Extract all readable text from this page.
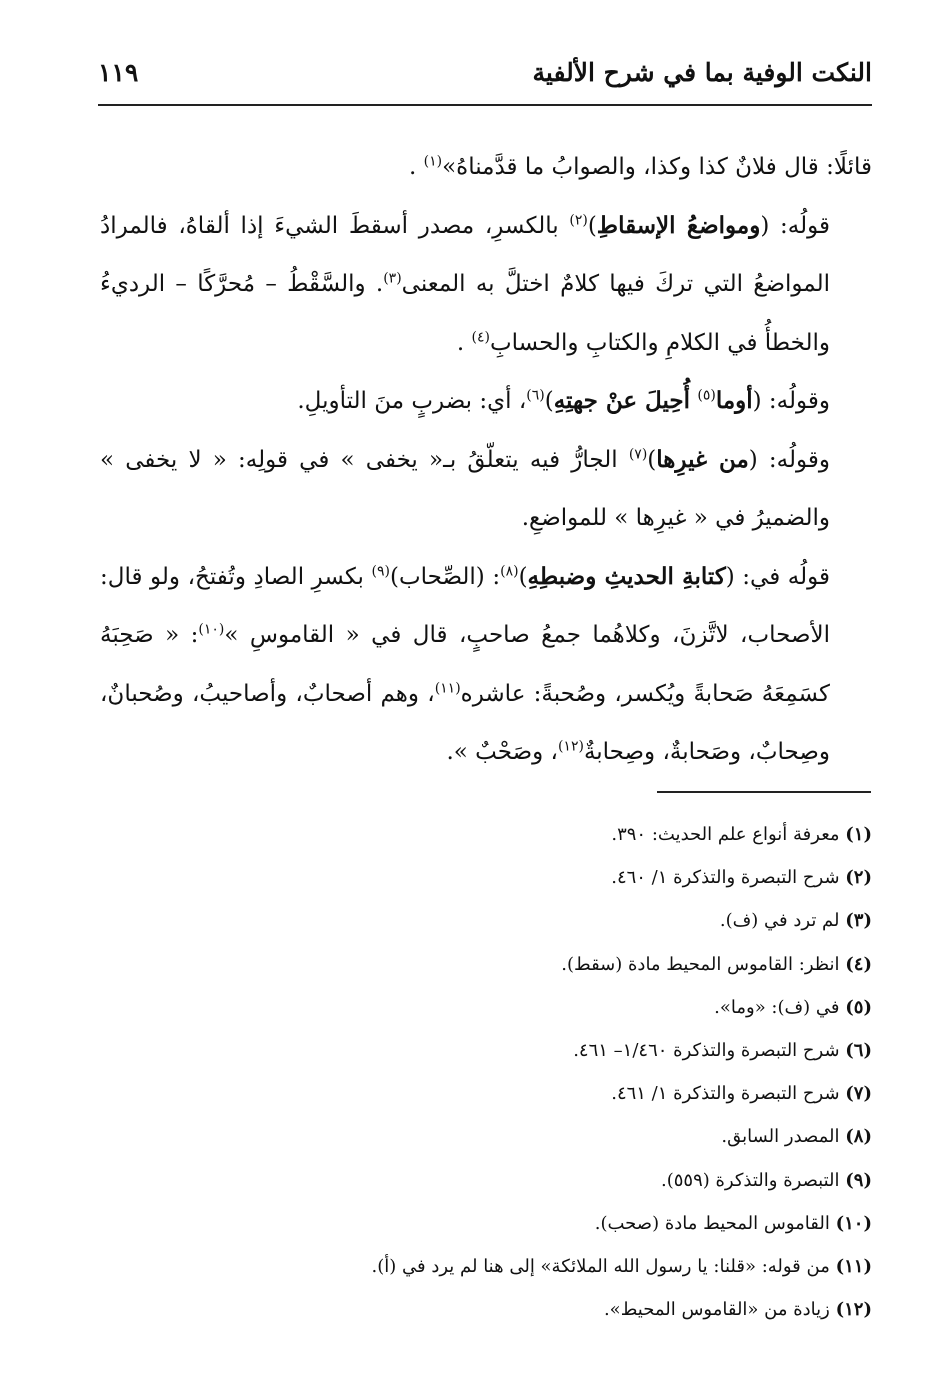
النكت الوفية بما في شرح الألفية
١١٩

قائلًا: قال فلانٌ كذا وكذا، والصوابُ ما قدَّمناهُ»$^{(١)}$ .

قولُه: (ومواضعُ الإسقاطِ)$^{(٢)}$ بالكسرِ، مصدر أسقطَ الشيءَ إذا ألقاهُ، فالمرادُ المواضعُ التي تركَ فيها كلامٌ اختلَّ به المعنى$^{(٣)}$. والسَّقْطُ – مُحرَّكًا – الرديءُ والخطأُ في الكلامِ والكتابِ والحسابِ$^{(٤)}$ .

وقولُه: (أوما$^{(٥)}$ أُحِيلَ عنْ جهتِهِ)$^{(٦)}$، أي: بضربٍ منَ التأويلِ.

وقولُه: (من غيرِها)$^{(٧)}$ الجارُّ فيه يتعلّقُ بـ« يخفى » في قولِه: « لا يخفى » والضميرُ في « غيرِها » للمواضعِ.

قولُه في: (كتابةِ الحديثِ وضبطِهِ)$^{(٨)}$: (الصِّحاب)$^{(٩)}$ بكسرِ الصادِ وتُفتحُ، ولو قال: الأصحاب، لاتَّزنَ، وكلاهُما جمعُ صاحبٍ، قال في « القاموسِ »$^{(١٠)}$: « صَحِبَهُ كسَمِعَهُ صَحابةً ويُكسر، وصُحبةً: عاشره$^{(١١)}$، وهم أصحابٌ، وأصاحيبُ، وصُحبانٌ، وصِحابٌ، وصَحابةٌ، وصِحابةٌ$^{(١٢)}$، وصَحْبٌ ».

(١) معرفة أنواع علم الحديث: ٣٩٠.

(٢) شرح التبصرة والتذكرة ١/ ٤٦٠.

(٣) لم ترد في (ف).

(٤) انظر: القاموس المحيط مادة (سقط).

(٥) في (ف): «وما».

(٦) شرح التبصرة والتذكرة ١/٤٦٠– ٤٦١.

(٧) شرح التبصرة والتذكرة ١/ ٤٦١.

(٨) المصدر السابق.

(٩) التبصرة والتذكرة (٥٥٩).

(١٠) القاموس المحيط مادة (صحب).

(١١) من قوله: «قلنا: يا رسول الله الملائكة» إلى هنا لم يرد في (أ).

(١٢) زيادة من «القاموس المحيط».
